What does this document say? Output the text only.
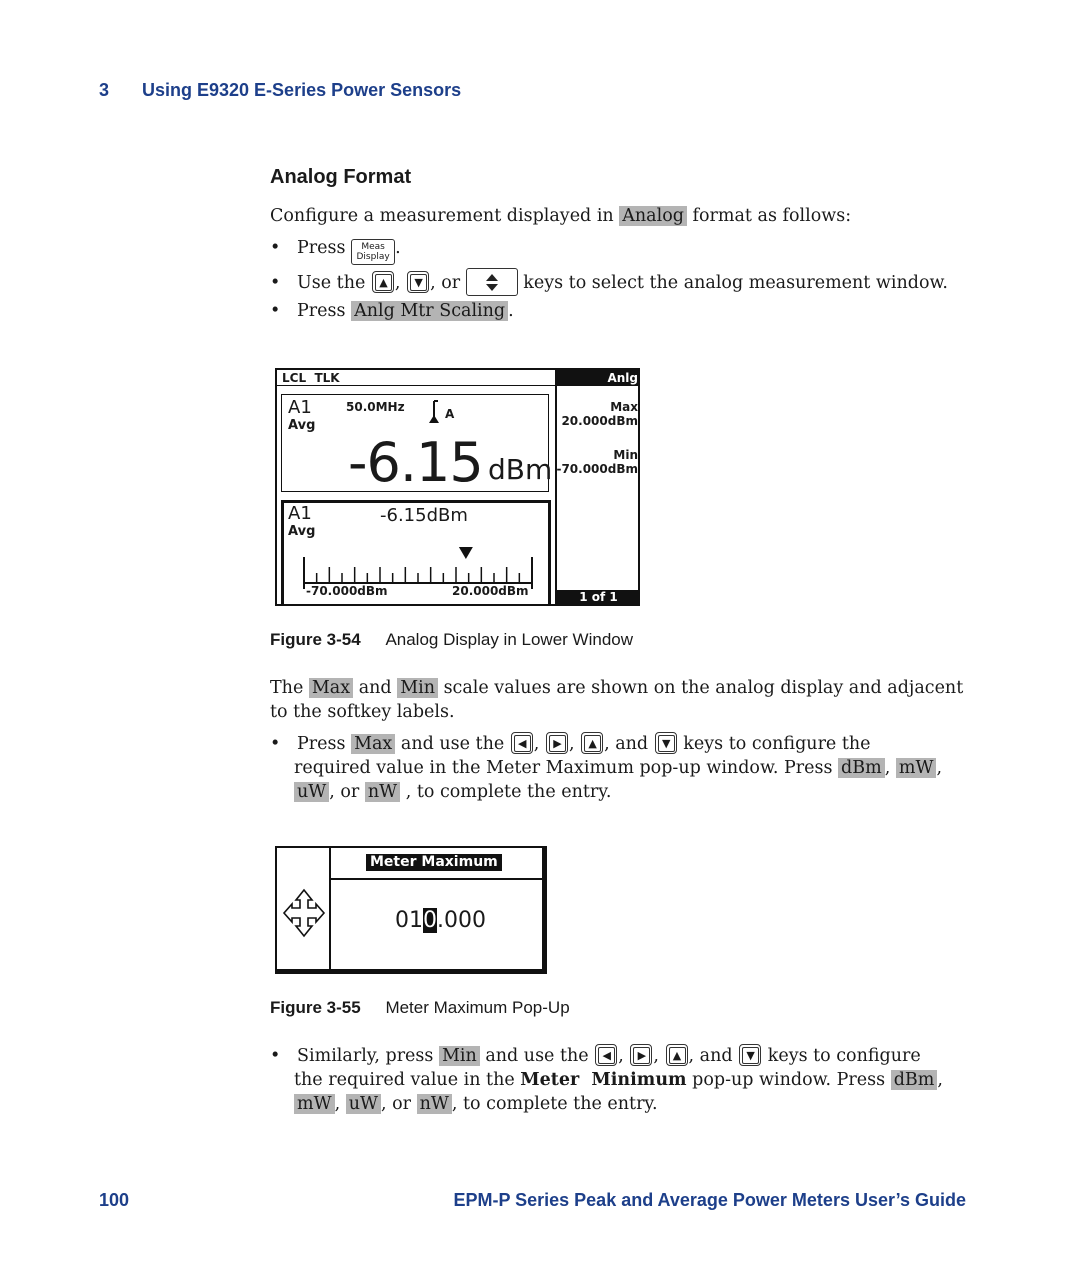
3 Using E9320 E-Series Power Sensors
Analog Format
Configure a measurement displayed in Analog format as follows:
• Press Meas
Display .
• Use the	▲ ,	▼ , or	keys to select the analog measurement window.
• Press Anlg Mtr Scaling .
LCL  TLK	Anlg Scaling
Max
20.000dBm
Min
-70.000dBm
1 of 1
A1
Avg
50.0MHz	A
-6.15 dBm
A1
Avg
-6.15dBm
-70.000dBm	20.000dBm
Figure 3-54 Analog Display in Lower Window
The Max and Min scale values are shown on the analog display and adjacent
to the softkey labels.
• Press Max and use the	◀ ,	▶ ,	▲ , and	▼ keys to configure the
required value in the Meter Maximum pop-up window. Press dBm , mW ,
uW , or nW , to complete the entry.
Meter Maximum
010.000
Figure 3-55 Meter Maximum Pop-Up
• Similarly, press Min and use the	◀ ,	▶ ,	▲ , and	▼ keys to configure
the required value in the Meter  Minimum pop-up window. Press dBm ,
mW , uW , or nW , to complete the entry.
100	EPM-P Series Peak and Average Power Meters User’s Guide
